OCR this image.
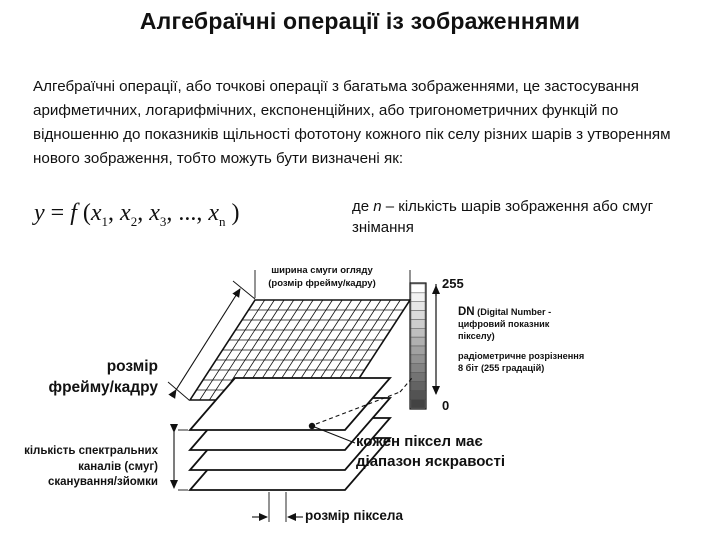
Алгебраїчні операції із зображеннями
Алгебраїчні операції, або точкові операції з багатьма зображеннями, це застосування арифметичних, логарифмічних, експоненційних, або тригонометричних функцій по відношенню до показників щільності фототону кожного пік селу різних шарів з утворенням нового зображення, тобто можуть бути визначені як:
y = f ($x_1$, $x_2$, $x_3$, ..., $x_n$ )	де n – кількість шарів зображення або смуг знімання
ширина смуги огляду (розмір фрейму/кадру)
розмір фрейму/кадру
кількість спектральних каналів (смуг) сканування/зйомки
кожен піксел має діапазон яскравості
розмір піксела
255
0
DN (Digital Number - цифровий показник пікселу)
радіометричне розрізнення 8 біт (255 градацій)
